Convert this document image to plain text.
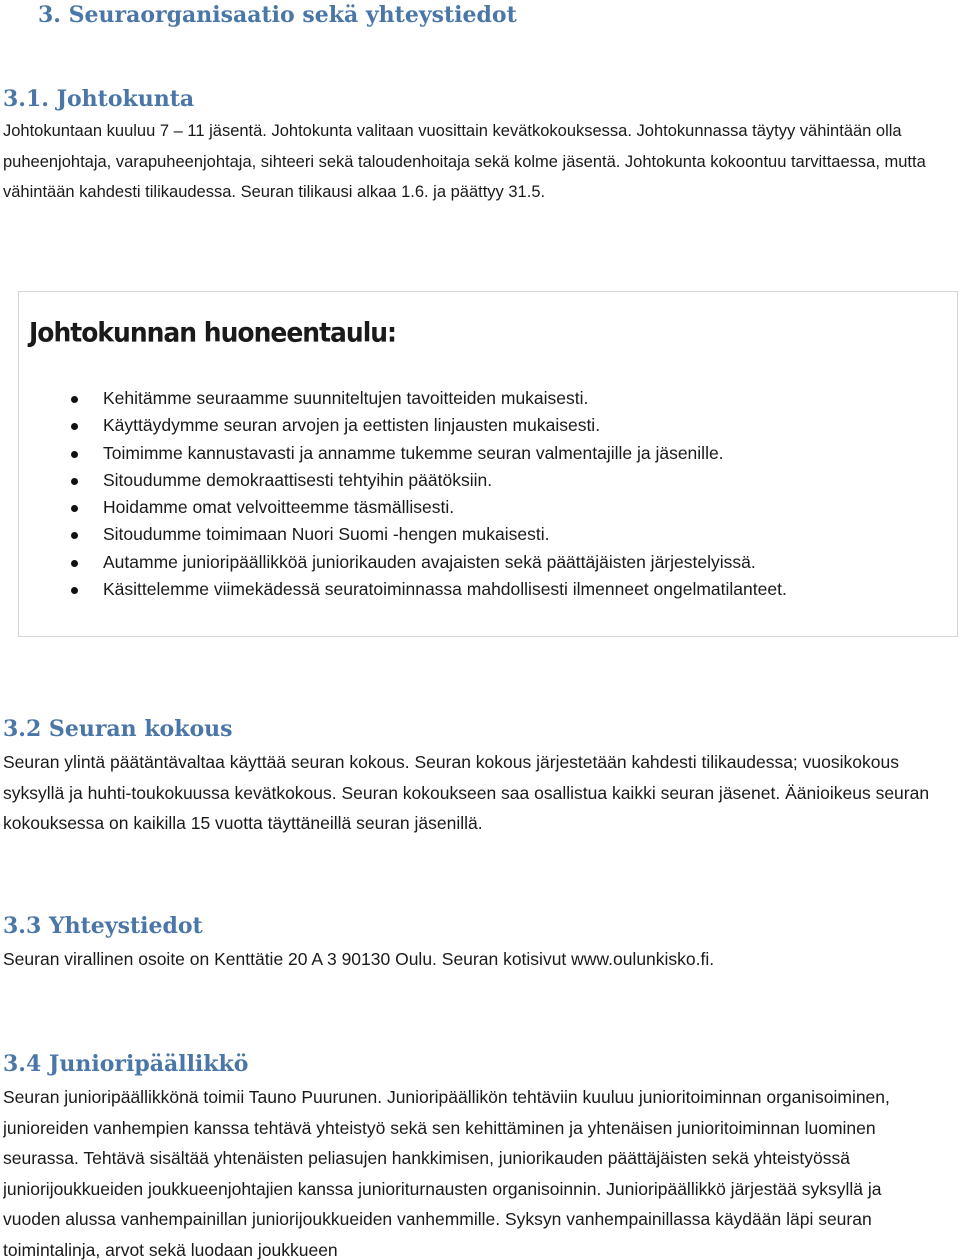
3. Seuraorganisaatio sekä yhteystiedot
3.1. Johtokunta

Johtokuntaan kuuluu 7 – 11 jäsentä. Johtokunta valitaan vuosittain kevätkokouksessa. Johtokunnassa täytyy vähintään olla puheenjohtaja, varapuheenjohtaja, sihteeri sekä taloudenhoitaja sekä kolme jäsentä. Johtokunta kokoontuu tarvittaessa, mutta vähintään kahdesti tilikaudessa. Seuran tilikausi alkaa 1.6. ja päättyy 31.5.

Johtokunnan huoneentaulu:
Kehitämme seuraamme suunniteltujen tavoitteiden mukaisesti.
Käyttäydymme seuran arvojen ja eettisten linjausten mukaisesti.
Toimimme kannustavasti ja annamme tukemme seuran valmentajille ja jäsenille.
Sitoudumme demokraattisesti tehtyihin päätöksiin.
Hoidamme omat velvoitteemme täsmällisesti.
Sitoudumme toimimaan Nuori Suomi -hengen mukaisesti.
Autamme junioripäällikköä juniorikauden avajaisten sekä päättäjäisten järjestelyissä.
Käsittelemme viimekädessä seuratoiminnassa mahdollisesti ilmenneet ongelmatilanteet.
3.2 Seuran kokous

Seuran ylintä päätäntävaltaa käyttää seuran kokous. Seuran kokous järjestetään kahdesti tilikaudessa; vuosikokous syksyllä ja huhti-toukokuussa kevätkokous. Seuran kokoukseen saa osallistua kaikki seuran jäsenet. Äänioikeus seuran kokouksessa on kaikilla 15 vuotta täyttäneillä seuran jäsenillä.

3.3 Yhteystiedot

Seuran virallinen osoite on Kenttätie 20 A 3 90130 Oulu. Seuran kotisivut www.oulunkisko.fi.

3.4 Junioripäällikkö

Seuran junioripäällikkönä toimii Tauno Puurunen. Junioripäällikön tehtäviin kuuluu junioritoiminnan organisoiminen, junioreiden vanhempien kanssa tehtävä yhteistyö sekä sen kehittäminen ja yhtenäisen junioritoiminnan luominen seurassa. Tehtävä sisältää yhtenäisten peliasujen hankkimisen, juniorikauden päättäjäisten sekä yhteistyössä juniorijoukkueiden joukkueenjohtajien kanssa junioriturnausten organisoinnin. Junioripäällikkö järjestää syksyllä ja vuoden alussa vanhempainillan juniorijoukkueiden vanhemmille. Syksyn vanhempainillassa käydään läpi seuran toimintalinja, arvot sekä luodaan joukkueen
